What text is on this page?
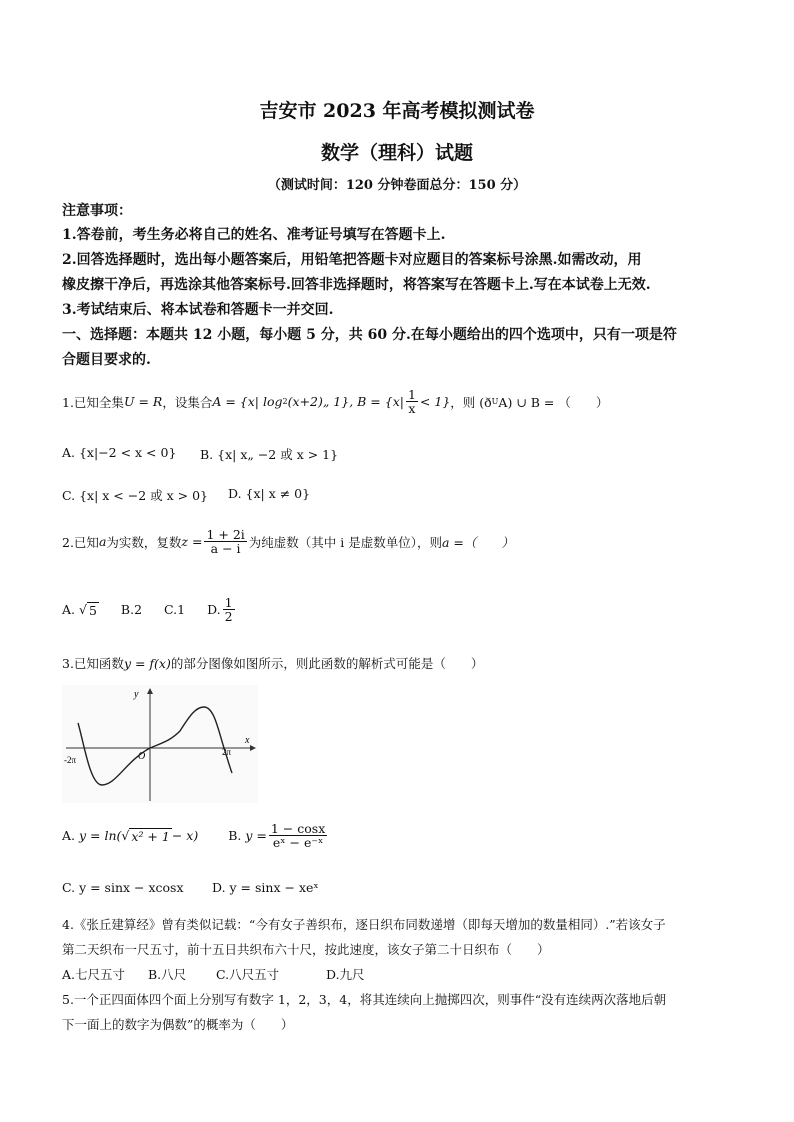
吉安市 2023 年高考模拟测试卷
数学（理科）试题
（测试时间：120 分钟卷面总分：150 分）
注意事项：
1.答卷前，考生务必将自己的姓名、准考证号填写在答题卡上.
2.回答选择题时，选出每小题答案后，用铅笔把答题卡对应题目的答案标号涂黑.如需改动，用
橡皮擦干净后，再选涂其他答案标号.回答非选择题时，将答案写在答题卡上.写在本试卷上无效.
3.考试结束后、将本试卷和答题卡一并交回.
一、选择题：本题共 12 小题，每小题 5 分，共 60 分.在每小题给出的四个选项中，只有一项是符
合题目要求的.
1.已知全集 U = R ，设集合 A = {x| log 2 (x+2)„ 1} , $B = \{x| \frac{1}{x} < 1\}$ ，则 (ð U A) ∪ B = （　　）
A. {x|−2 < x < 0} B. {x| x„ −2 或 x > 1}
C. {x| x < −2 或 x > 0} D. {x| x ≠ 0}
2.已知 a 为实数，复数 $z = \frac{1 + 2i}{a - i}$ 为纯虚数（其中 i 是虚数单位），则 a =（　　）
A. √ 5 B.2 C.1 D. $\frac{1}{2}$
3.已知函数y = f(x)的部分图像如图所示，则此函数的解析式可能是（　　）
y
x
O
-2π
2π
A.
y = ln( √ x² + 1 − x) B.
$y = \frac{1 - \cos x}{\text{eˣ − e⁻ˣ}}$
C. y = sinx − xcosx D. y = sinx − xeˣ
4.《张丘建算经》曾有类似记载：“今有女子善织布，逐日织布同数递增（即每天增加的数量相同）.”若该女子
第二天织布一尺五寸，前十五日共织布六十尺，按此速度，该女子第二十日织布（　　）
A.七尺五寸 B.八尺 C.八尺五寸	D.九尺
5.一个正四面体四个面上分别写有数字 1，2，3，4，将其连续向上抛掷四次，则事件“没有连续两次落地后朝
下一面上的数字为偶数”的概率为（　　）
